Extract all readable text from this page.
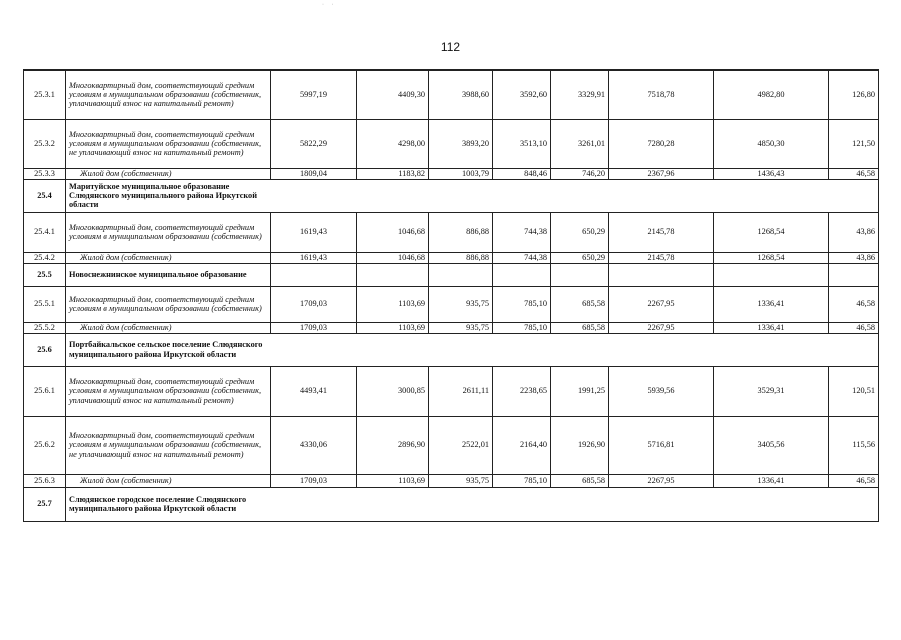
· ·
112
25.3.1	Многоквартирный дом, соответствующий средним условиям в муниципальном образовании (собственник, уплачивающий взнос на капитальный ремонт)	5997,19	4409,30	3988,60	3592,60	3329,91	7518,78	4982,80	126,80
25.3.2	Многоквартирный дом, соответствующий средним условиям в муниципальном образовании (собственник, не уплачивающий взнос на капитальный ремонт)	5822,29	4298,00	3893,20	3513,10	3261,01	7280,28	4850,30	121,50
25.3.3	Жилой дом (собственник)	1809,04	1183,82	1003,79	848,46	746,20	2367,96	1436,43	46,58
25.4	Маритуйское муниципальное образование Слюдянского муниципального района Иркутской области								
25.4.1	Многоквартирный дом, соответствующий средним условиям в муниципальном образовании (собственник)	1619,43	1046,68	886,88	744,38	650,29	2145,78	1268,54	43,86
25.4.2	Жилой дом (собственник)	1619,43	1046,68	886,88	744,38	650,29	2145,78	1268,54	43,86
25.5	Новоснежнинское муниципальное образование								
25.5.1	Многоквартирный дом, соответствующий средним условиям в муниципальном образовании (собственник)	1709,03	1103,69	935,75	785,10	685,58	2267,95	1336,41	46,58
25.5.2	Жилой дом (собственник)	1709,03	1103,69	935,75	785,10	685,58	2267,95	1336,41	46,58
25.6	Портбайкальское сельское поселение Слюдянского муниципального района Иркутской области								
25.6.1	Многоквартирный дом, соответствующий средним условиям в муниципальном образовании (собственник, уплачивающий взнос на капитальный ремонт)	4493,41	3000,85	2611,11	2238,65	1991,25	5939,56	3529,31	120,51
25.6.2	Многоквартирный дом, соответствующий средним условиям в муниципальном образовании (собственник, не уплачивающий взнос на капитальный ремонт)	4330,06	2896,90	2522,01	2164,40	1926,90	5716,81	3405,56	115,56
25.6.3	Жилой дом (собственник)	1709,03	1103,69	935,75	785,10	685,58	2267,95	1336,41	46,58
25.7	Слюдянское городское поселение Слюдянского муниципального района Иркутской области								
